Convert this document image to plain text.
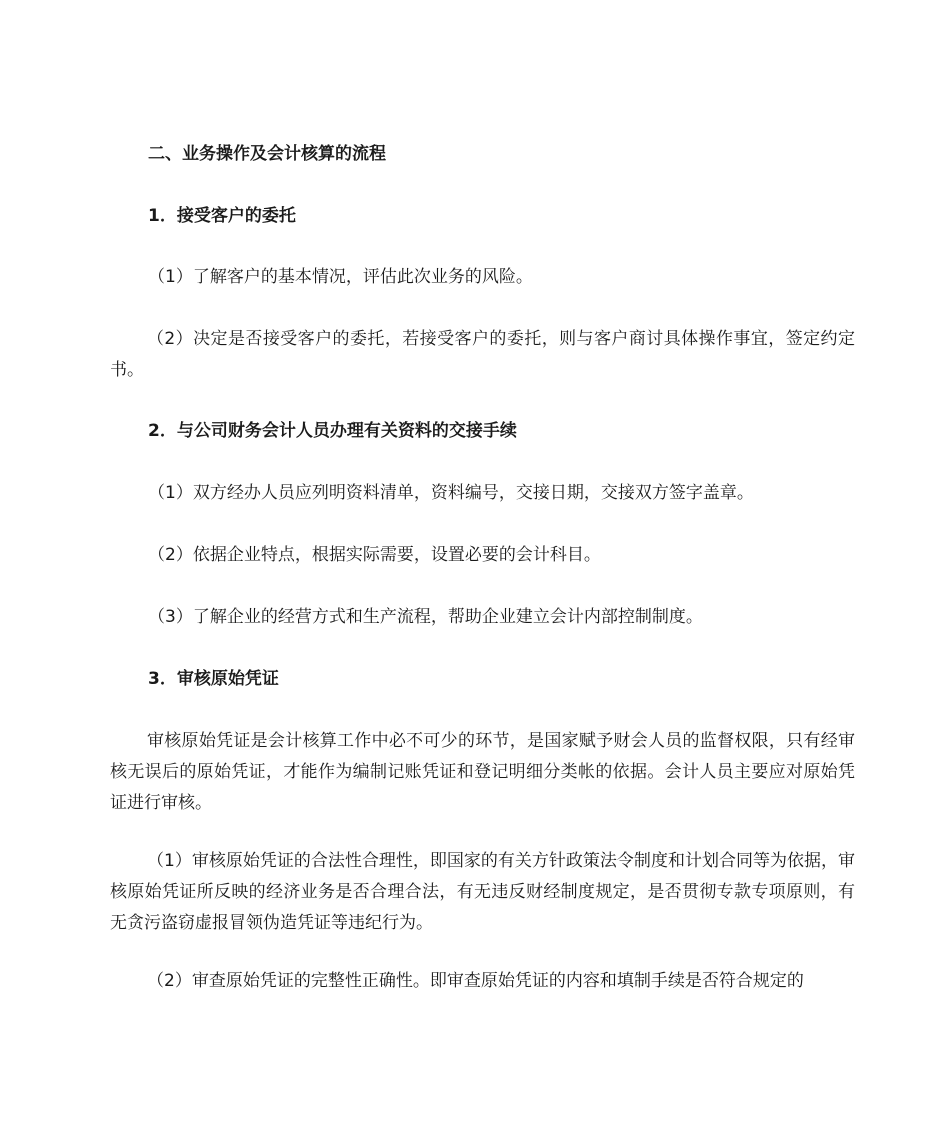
二、业务操作及会计核算的流程

1．接受客户的委托

（1）了解客户的基本情况，评估此次业务的风险。

（2）决定是否接受客户的委托，若接受客户的委托，则与客户商讨具体操作事宜，签定约定书。

2．与公司财务会计人员办理有关资料的交接手续

（1）双方经办人员应列明资料清单，资料编号，交接日期，交接双方签字盖章。

（2）依据企业特点，根据实际需要，设置必要的会计科目。

（3）了解企业的经营方式和生产流程，帮助企业建立会计内部控制制度。

3．审核原始凭证

审核原始凭证是会计核算工作中必不可少的环节，是国家赋予财会人员的监督权限，只有经审核无误后的原始凭证，才能作为编制记账凭证和登记明细分类帐的依据。会计人员主要应对原始凭证进行审核。

（1）审核原始凭证的合法性合理性，即国家的有关方针政策法令制度和计划合同等为依据，审核原始凭证所反映的经济业务是否合理合法，有无违反财经制度规定，是否贯彻专款专项原则，有无贪污盗窃虚报冒领伪造凭证等违纪行为。

（2）审查原始凭证的完整性正确性。即审查原始凭证的内容和填制手续是否符合规定的
